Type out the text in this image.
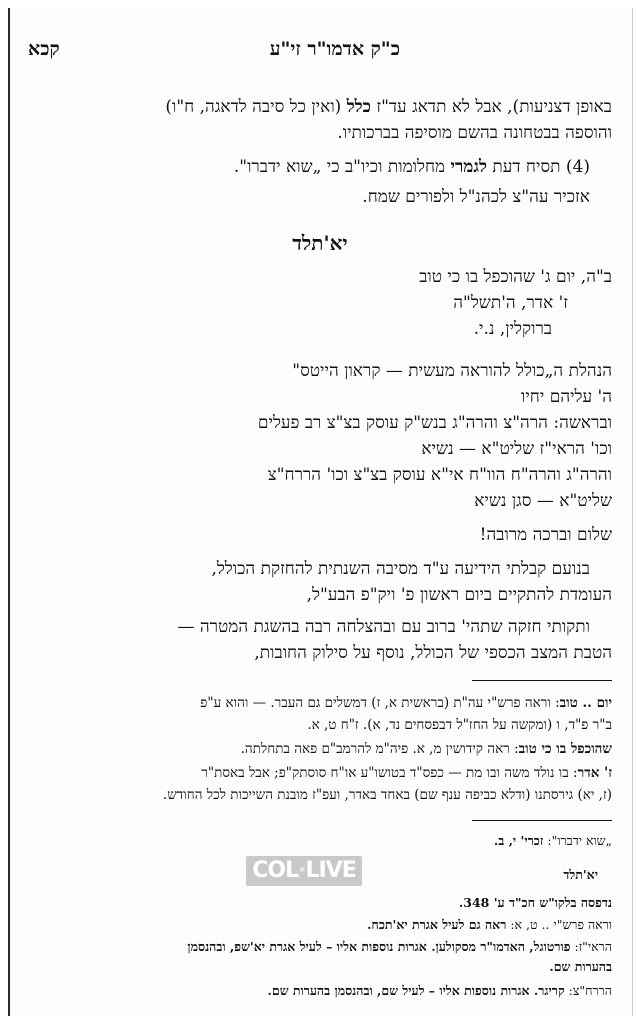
כ"ק אדמו"ר זי"ע
קכא
באופן דצניעות), אבל לא תדאג עד"ז כלל (ואין כל סיבה לדאגה, ח"ו)
והוספה בבטחונה בהשם מוסיפה בברכותיו.
(4) תסיח דעת לגמרי מחלומות וכיו"ב כי „שוא ידברו".
אזכיר עה"צ לכהנ"ל ולפורים שמח.
יא'תלד
ב"ה, יום ג' שהוכפל בו כי טוב
ז' אדר, ה'תשל"ה
ברוקלין, נ.י.
הנהלת ה„כולל להוראה מעשית — קראון הייטס"
ה' עליהם יחיו
ובראשה: הרה"צ והרה"ג בנש"ק עוסק בצ"צ רב פעלים
וכו' הראי"ז שליט"א — נשיא
והרה"ג והרה"ח הוו"ח אי"א עוסק בצ"צ וכו' הררח"צ
שליט"א — סגן נשיא
שלום וברכה מרובה!
בנועם קבלתי הידיעה ע"ד מסיבה השנתית להחזקת הכולל,
העומדת להתקיים ביום ראשון פ' ויק"פ הבע"ל,
ותקותי חזקה שתהי' ברוב עם ובהצלחה רבה בהשגת המטרה —
הטבת המצב הכספי של הכולל, נוסף על סילוק החובות,
יום .. טוב: וראה פרש"י עה"ת (בראשית א, ז) דמשלים גם העבר. — והוא ע"פ
ב"ר פ"ד, ו (ומקשה על החז"ל דבפסחים נד, א). ז"ח ט, א.
שהוכפל בו כי טוב: ראה קידושין מ, א. פיה"מ להרמב"ם פאה בתחלתה.
ז' אדר: בו נולד משה ובו מת — כפס"ד בטושו"ע או"ח סוסתק"פ; אבל באסת"ר
(ז, יא) גירסתנו (ודלא כביפה ענף שם) באחד באדר, ועפ"ז מובנת השייכות לכל החודש.
„שוא ידברו": זכרי' י, ב.
יא'תלד
נדפסה בלקו"ש חכ"ד ע' 348.
וראה פרש"י .. ט, א: ראה גם לעיל אגרת יא'תכח.
הראי"ז: פורטוגל, האדמו"ר מסקולען. אגרות נוספות אליו – לעיל אגרת יא'שפ, ובהנסמן
בהערות שם.
הררח"צ: קריגר. אגרות נוספות אליו – לעיל שם, ובהנסמן בהערות שם.
COL·LIVE
